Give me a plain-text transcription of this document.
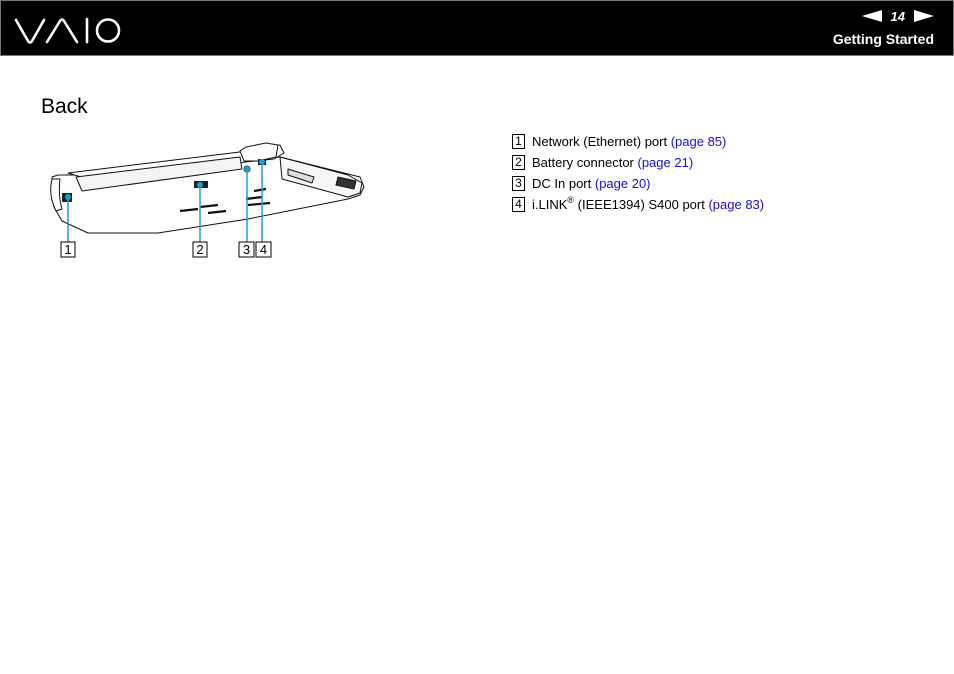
14
Getting Started
Back
1	2	3 4
1 Network (Ethernet) port (page 85)
2 Battery connector (page 21)
3 DC In port (page 20)
4 i.LINK® (IEEE1394) S400 port (page 83)
